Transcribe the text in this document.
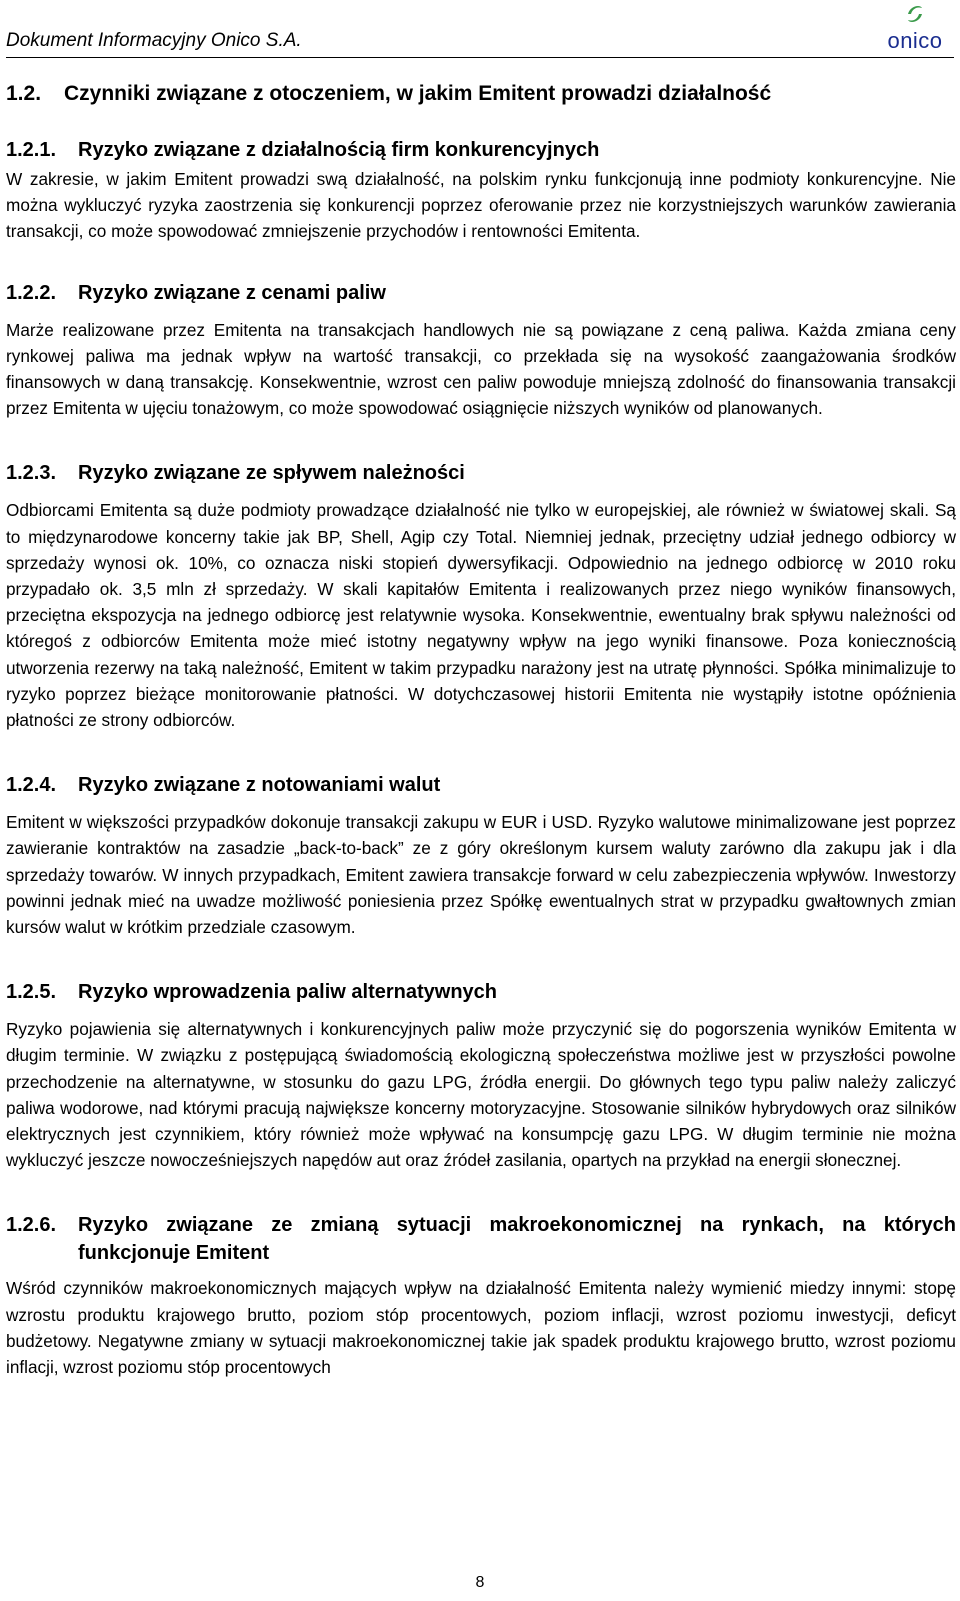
Dokument Informacyjny Onico S.A.	onico
1.2.	Czynniki związane z otoczeniem, w jakim Emitent prowadzi działalność
1.2.1.	Ryzyko związane z działalnością firm konkurencyjnych

W zakresie, w jakim Emitent prowadzi swą działalność, na polskim rynku funkcjonują inne podmioty konkurencyjne. Nie można wykluczyć ryzyka zaostrzenia się konkurencji poprzez oferowanie przez nie korzystniejszych warunków zawierania transakcji, co może spowodować zmniejszenie przychodów i rentowności Emitenta.

1.2.2.	Ryzyko związane z cenami paliw

Marże realizowane przez Emitenta na transakcjach handlowych nie są powiązane z ceną paliwa. Każda zmiana ceny rynkowej paliwa ma jednak wpływ na wartość transakcji, co przekłada się na wysokość zaangażowania środków finansowych w daną transakcję. Konsekwentnie, wzrost cen paliw powoduje mniejszą zdolność do finansowania transakcji przez Emitenta w ujęciu tonażowym, co może spowodować osiągnięcie niższych wyników od planowanych.

1.2.3.	Ryzyko związane ze spływem należności

Odbiorcami Emitenta są duże podmioty prowadzące działalność nie tylko w europejskiej, ale również w światowej skali. Są to międzynarodowe koncerny takie jak BP, Shell, Agip czy Total. Niemniej jednak, przeciętny udział jednego odbiorcy w sprzedaży wynosi ok. 10%, co oznacza niski stopień dywersyfikacji. Odpowiednio na jednego odbiorcę w 2010 roku przypadało ok. 3,5 mln zł sprzedaży. W skali kapitałów Emitenta i realizowanych przez niego wyników finansowych, przeciętna ekspozycja na jednego odbiorcę jest relatywnie wysoka. Konsekwentnie, ewentualny brak spływu należności od któregoś z odbiorców Emitenta może mieć istotny negatywny wpływ na jego wyniki finansowe. Poza koniecznością utworzenia rezerwy na taką należność, Emitent w takim przypadku narażony jest na utratę płynności. Spółka minimalizuje to ryzyko poprzez bieżące monitorowanie płatności. W dotychczasowej historii Emitenta nie wystąpiły istotne opóźnienia płatności ze strony odbiorców.

1.2.4.	Ryzyko związane z notowaniami walut

Emitent w większości przypadków dokonuje transakcji zakupu w EUR i USD. Ryzyko walutowe minimalizowane jest poprzez zawieranie kontraktów na zasadzie „back-to-back” ze z góry określonym kursem waluty zarówno dla zakupu jak i dla sprzedaży towarów. W innych przypadkach, Emitent zawiera transakcje forward w celu zabezpieczenia wpływów. Inwestorzy powinni jednak mieć na uwadze możliwość poniesienia przez Spółkę ewentualnych strat w przypadku gwałtownych zmian kursów walut w krótkim przedziale czasowym.

1.2.5.	Ryzyko wprowadzenia paliw alternatywnych

Ryzyko pojawienia się alternatywnych i konkurencyjnych paliw może przyczynić się do pogorszenia wyników Emitenta w długim terminie. W związku z postępującą świadomością ekologiczną społeczeństwa możliwe jest w przyszłości powolne przechodzenie na alternatywne, w stosunku do gazu LPG, źródła energii. Do głównych tego typu paliw należy zaliczyć paliwa wodorowe, nad którymi pracują największe koncerny motoryzacyjne. Stosowanie silników hybrydowych oraz silników elektrycznych jest czynnikiem, który również może wpływać na konsumpcję gazu LPG. W długim terminie nie można wykluczyć jeszcze nowocześniejszych napędów aut oraz źródeł zasilania, opartych na przykład na energii słonecznej.

1.2.6.	Ryzyko związane ze zmianą sytuacji makroekonomicznej na rynkach, na których funkcjonuje Emitent

Wśród czynników makroekonomicznych mających wpływ na działalność Emitenta należy wymienić miedzy innymi: stopę wzrostu produktu krajowego brutto, poziom stóp procentowych, poziom inflacji, wzrost poziomu inwestycji, deficyt budżetowy. Negatywne zmiany w sytuacji makroekonomicznej takie jak spadek produktu krajowego brutto, wzrost poziomu inflacji, wzrost poziomu stóp procentowych

8
